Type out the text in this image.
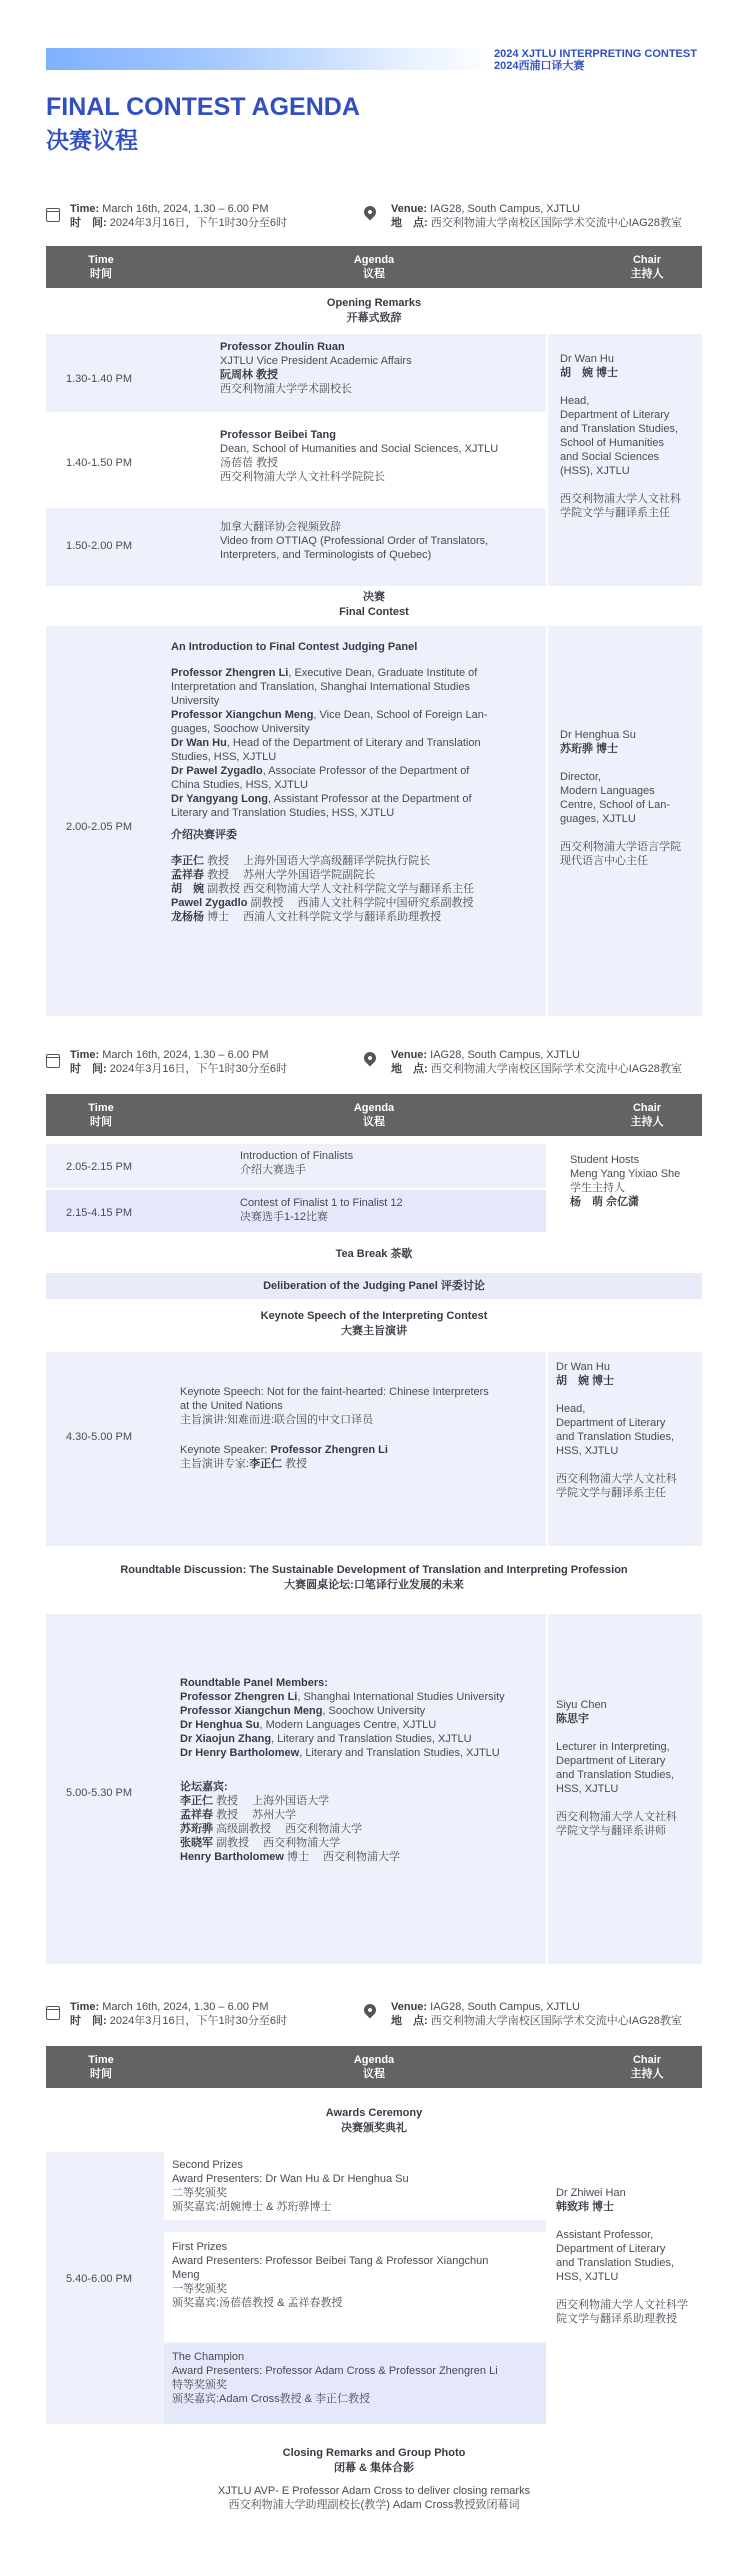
2024 XJTLU INTERPRETING CONTEST
2024西浦口译大赛
FINAL CONTEST AGENDA
决赛议程
Time: March 16th, 2024, 1.30 – 6.00 PM
时　间: 2024年3月16日，下午1时30分至6时
Venue: IAG28, South Campus, XJTLU
地　点: 西交利物浦大学南校区国际学术交流中心IAG28教室
Time
时间
Agenda
议程
Chair
主持人
Opening Remarks
开幕式致辞
1.30-1.40 PM
Professor Zhoulin Ruan
XJTLU Vice President Academic Affairs
阮周林 教授
西交利物浦大学学术副校长
1.40-1.50 PM
Professor Beibei Tang
Dean, School of Humanities and Social Sciences, XJTLU
汤蓓蓓 教授
西交利物浦大学人文社科学院院长
1.50-2.00 PM
加拿大翻译协会视频致辞
Video from OTTIAQ (Professional Order of Translators,
Interpreters, and Terminologists of Quebec)
Dr Wan Hu
胡　婉 博士
Head,
Department of Literary
and Translation Studies,
School of Humanities
and Social Sciences
(HSS), XJTLU
西交利物浦大学人文社科
学院文学与翻译系主任
决赛
Final Contest
2.00-2.05 PM
An Introduction to Final Contest Judging Panel
Professor Zhengren Li, Executive Dean, Graduate Institute of
Interpretation and Translation, Shanghai International Studies
University
Professor Xiangchun Meng, Vice Dean, School of Foreign Lan-
guages, Soochow University
Dr Wan Hu, Head of the Department of Literary and Translation
Studies, HSS, XJTLU
Dr Pawel Zygadlo, Associate Professor of the Department of
China Studies, HSS, XJTLU
Dr Yangyang Long, Assistant Professor at the Department of
Literary and Translation Studies, HSS, XJTLU
介绍决赛评委
李正仁 教授　 上海外国语大学高级翻译学院执行院长
孟祥春 教授　 苏州大学外国语学院副院长
胡　婉 副教授 西交利物浦大学人文社科学院文学与翻译系主任
Pawel Zygadlo 副教授　 西浦人文社科学院中国研究系副教授
龙杨杨 博士　 西浦人文社科学院文学与翻译系助理教授
Dr Henghua Su
苏珩骅 博士
Director,
Modern Languages
Centre, School of Lan-
guages, XJTLU
西交利物浦大学语言学院
现代语言中心主任
Time: March 16th, 2024, 1.30 – 6.00 PM
时　间: 2024年3月16日，下午1时30分至6时
Venue: IAG28, South Campus, XJTLU
地　点: 西交利物浦大学南校区国际学术交流中心IAG28教室
Time
时间
Agenda
议程
Chair
主持人
2.05-2.15 PM
Introduction of Finalists
介绍大赛选手
2.15-4.15 PM
Contest of Finalist 1 to Finalist 12
决赛选手1-12比赛
Student Hosts
Meng Yang Yixiao She
学生主持人
杨　萌 佘亿潇
Tea Break 茶歇
Deliberation of the Judging Panel 评委讨论
Keynote Speech of the Interpreting Contest
大赛主旨演讲
4.30-5.00 PM
Keynote Speech: Not for the faint-hearted: Chinese Interpreters
at the United Nations
主旨演讲:知难而进:联合国的中文口译员
Keynote Speaker: Professor Zhengren Li
主旨演讲专家:李正仁 教授
Dr Wan Hu
胡　婉 博士
Head,
Department of Literary
and Translation Studies,
HSS, XJTLU
西交利物浦大学人文社科
学院文学与翻译系主任
Roundtable Discussion: The Sustainable Development of Translation and Interpreting Profession
大赛圆桌论坛:口笔译行业发展的未来
5.00-5.30 PM
Roundtable Panel Members:
Professor Zhengren Li, Shanghai International Studies University
Professor Xiangchun Meng, Soochow University
Dr Henghua Su, Modern Languages Centre, XJTLU
Dr Xiaojun Zhang, Literary and Translation Studies, XJTLU
Dr Henry Bartholomew, Literary and Translation Studies, XJTLU
论坛嘉宾:
李正仁 教授　 上海外国语大学
孟祥春 教授　 苏州大学
苏珩骅 高级副教授　 西交利物浦大学
张晓军 副教授　 西交利物浦大学
Henry Bartholomew 博士　 西交利物浦大学
Siyu Chen
陈思宇
Lecturer in Interpreting,
Department of Literary
and Translation Studies,
HSS, XJTLU
西交利物浦大学人文社科
学院文学与翻译系讲师
Time: March 16th, 2024, 1.30 – 6.00 PM
时　间: 2024年3月16日，下午1时30分至6时
Venue: IAG28, South Campus, XJTLU
地　点: 西交利物浦大学南校区国际学术交流中心IAG28教室
Time
时间
Agenda
议程
Chair
主持人
Awards Ceremony
决赛颁奖典礼
5.40-6.00 PM
Second Prizes
Award Presenters: Dr Wan Hu & Dr Henghua Su
二等奖颁奖
颁奖嘉宾:胡婉博士 & 苏珩骅博士
First Prizes
Award Presenters: Professor Beibei Tang & Professor Xiangchun
Meng
一等奖颁奖
颁奖嘉宾:汤蓓蓓教授 & 孟祥春教授
The Champion
Award Presenters: Professor Adam Cross & Professor Zhengren Li
特等奖颁奖
颁奖嘉宾:Adam Cross教授 & 李正仁教授
Dr Zhiwei Han
韩致玮 博士
Assistant Professor,
Department of Literary
and Translation Studies,
HSS, XJTLU
西交利物浦大学人文社科学
院文学与翻译系助理教授
Closing Remarks and Group Photo
闭幕 & 集体合影
XJTLU AVP- E Professor Adam Cross to deliver closing remarks
西交利物浦大学助理副校长(教学) Adam Cross教授致闭幕词
